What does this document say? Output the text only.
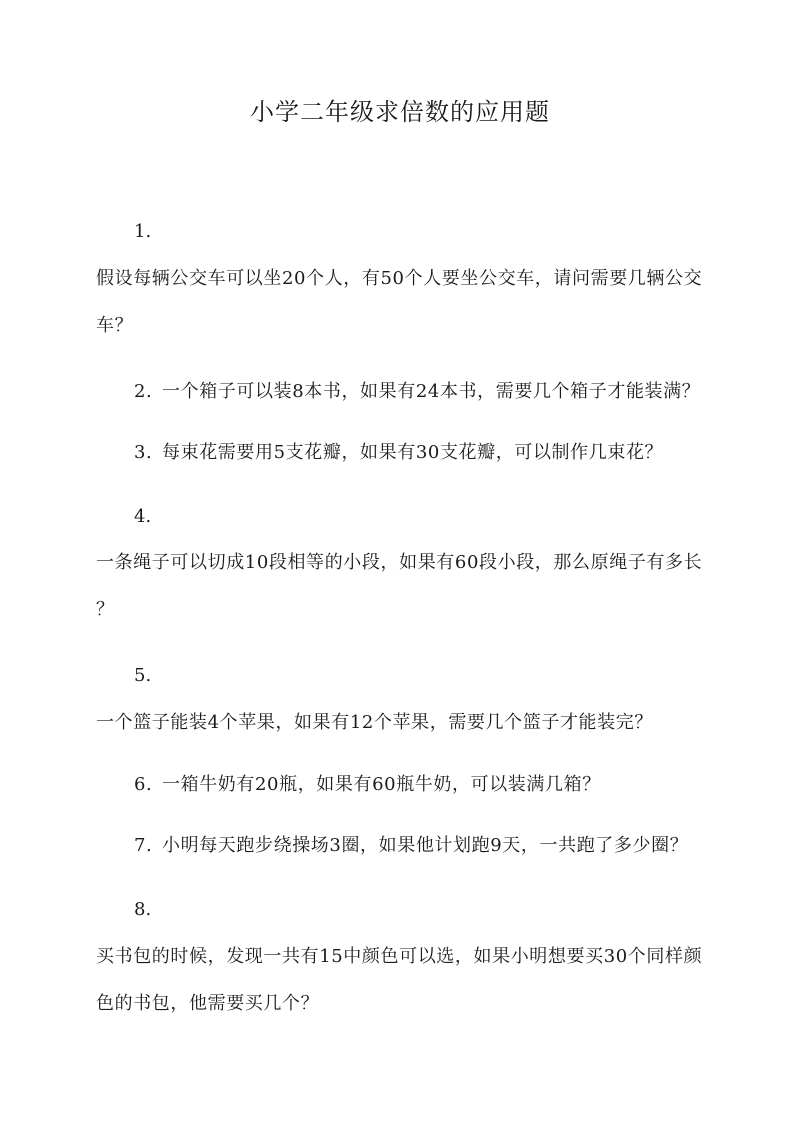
小学二年级求倍数的应用题
1.
假设每辆公交车可以坐20个人，有50个人要坐公交车，请问需要几辆公交
车？
2. 一个箱子可以装8本书，如果有24本书，需要几个箱子才能装满？
3. 每束花需要用5支花瓣，如果有30支花瓣，可以制作几束花？
4.
一条绳子可以切成10段相等的小段，如果有60段小段，那么原绳子有多长
？
5.
一个篮子能装4个苹果，如果有12个苹果，需要几个篮子才能装完？
6. 一箱牛奶有20瓶，如果有60瓶牛奶，可以装满几箱？
7. 小明每天跑步绕操场3圈，如果他计划跑9天，一共跑了多少圈？
8.
买书包的时候，发现一共有15中颜色可以选，如果小明想要买30个同样颜
色的书包，他需要买几个？
